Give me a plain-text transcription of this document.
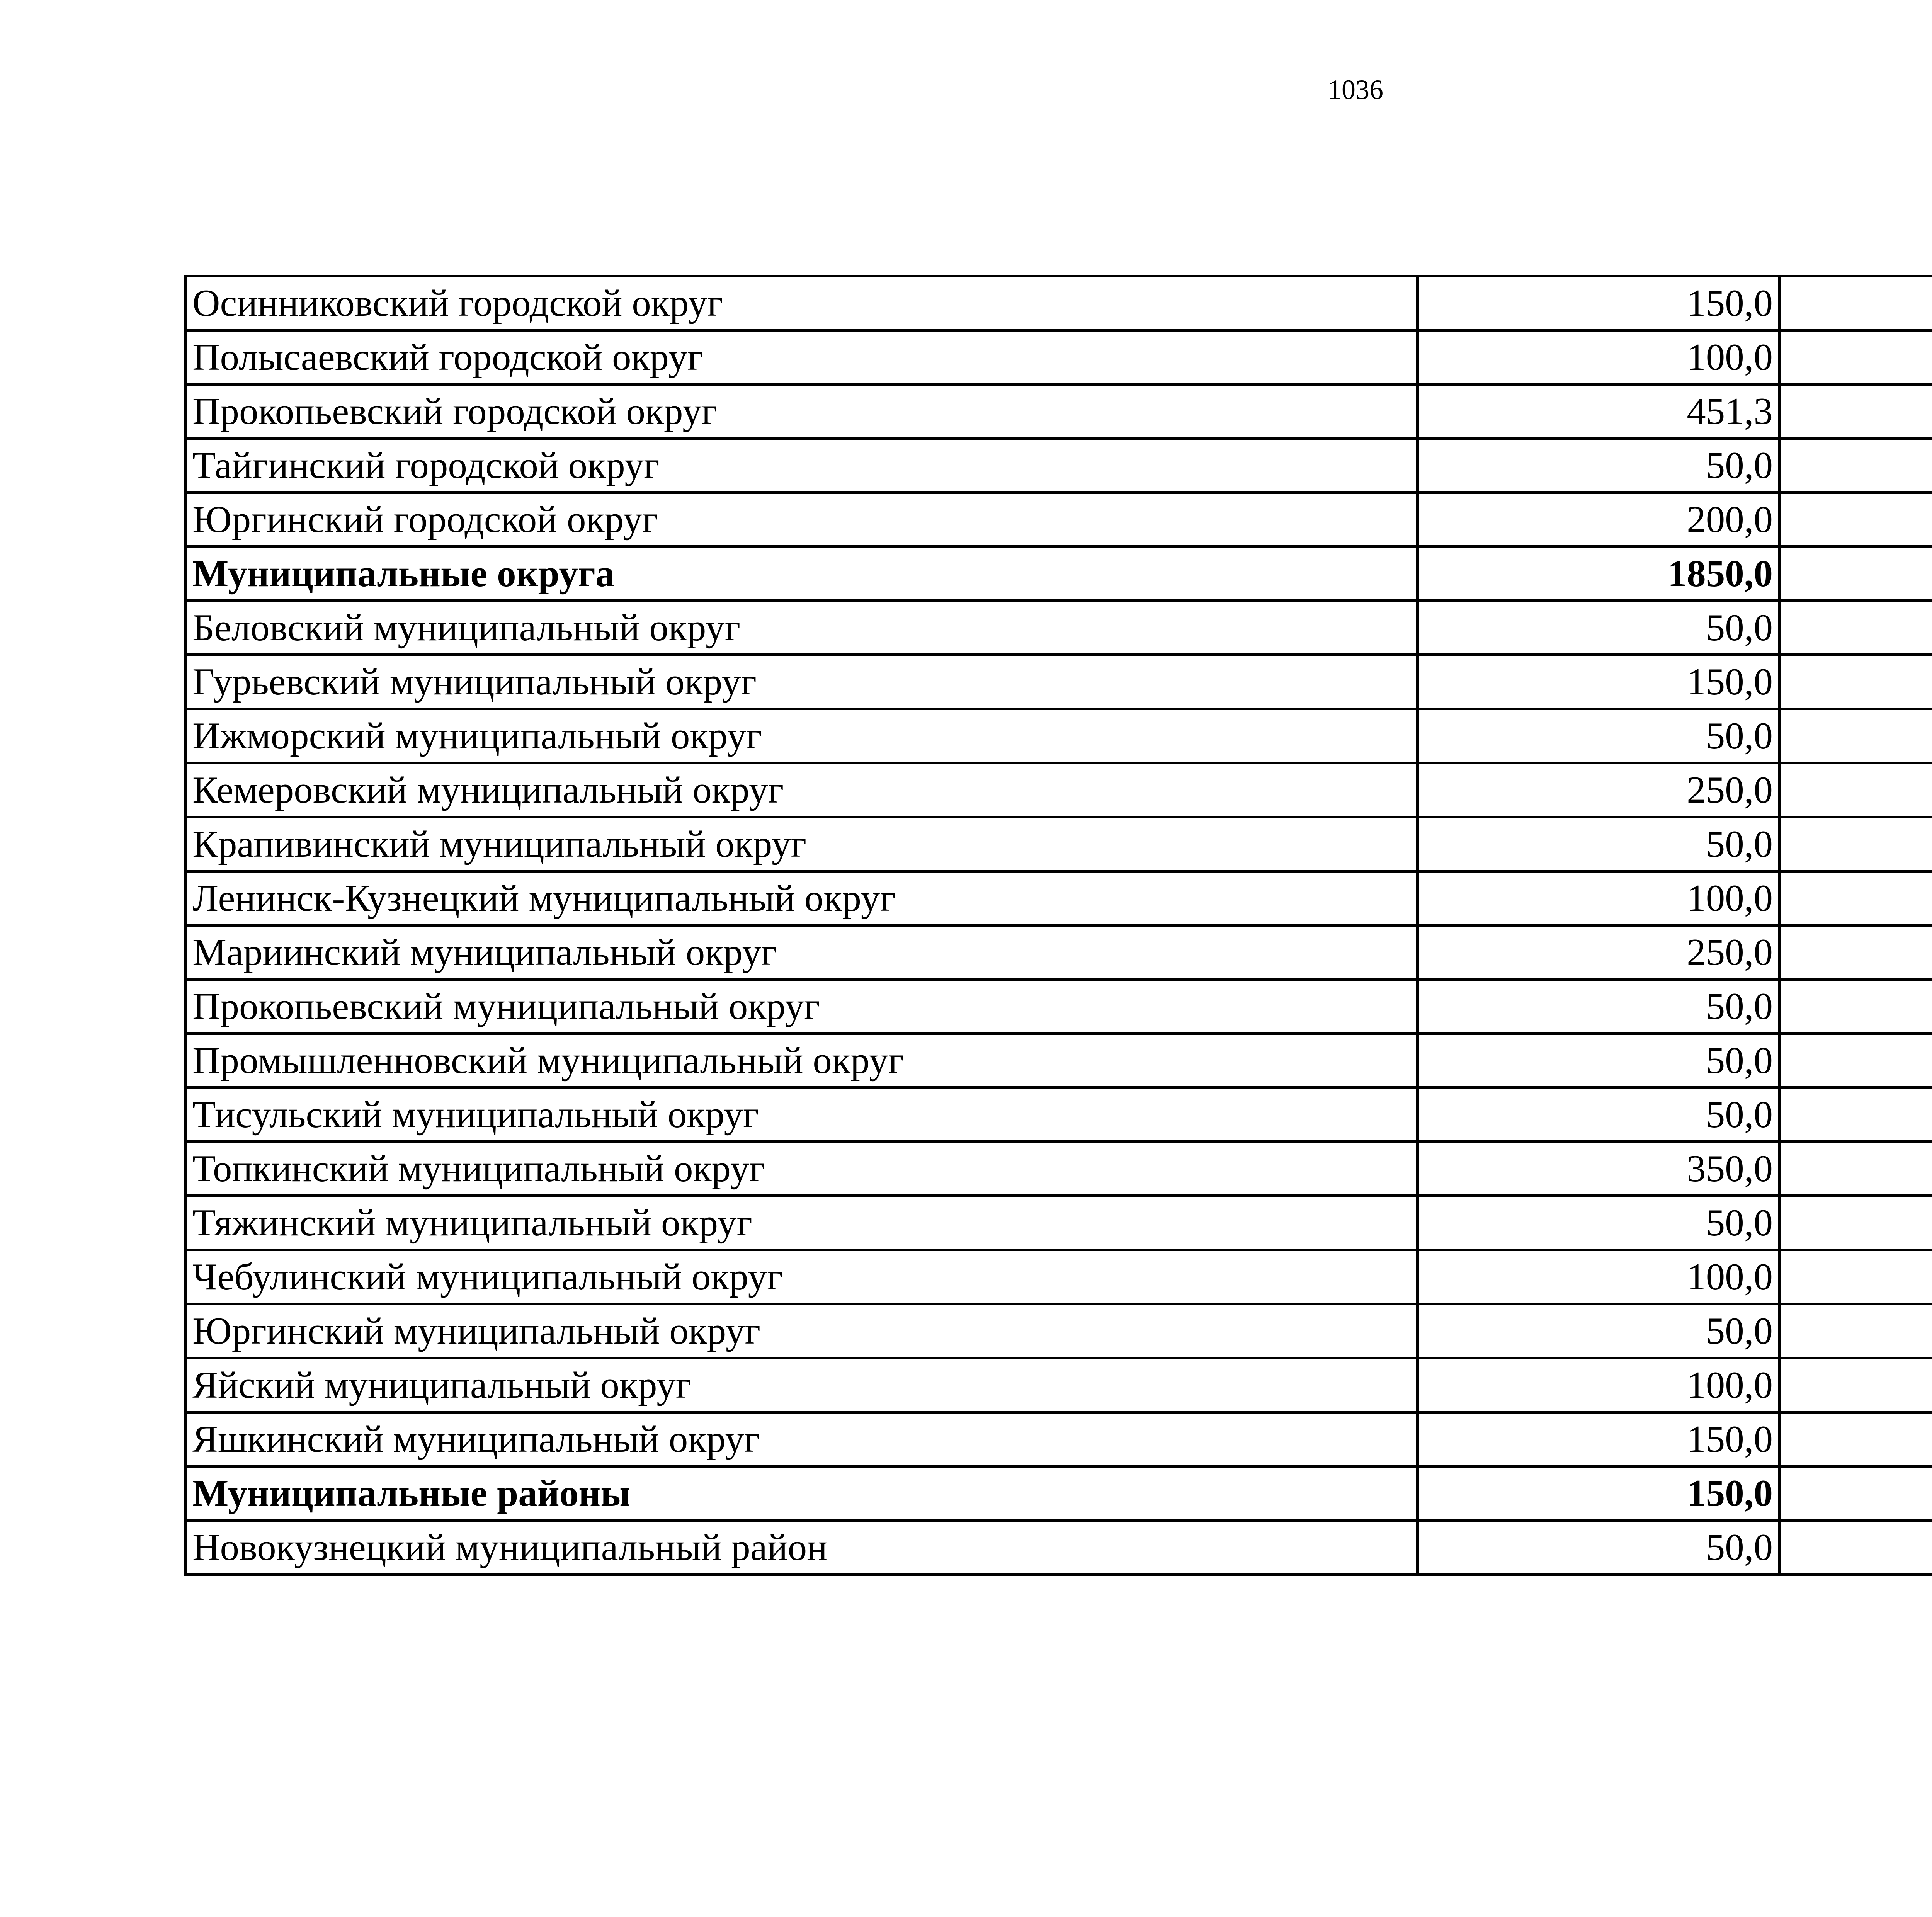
1036
Осинниковский городской округ	150,0		
Полысаевский городской округ	100,0		
Прокопьевский городской округ	451,3		
Тайгинский городской округ	50,0		
Юргинский городской округ	200,0		
Муниципальные округа	1850,0		
Беловский муниципальный округ	50,0		
Гурьевский муниципальный округ	150,0		
Ижморский муниципальный округ	50,0		
Кемеровский муниципальный округ	250,0		
Крапивинский муниципальный округ	50,0		
Ленинск-Кузнецкий муниципальный округ	100,0		
Мариинский муниципальный округ	250,0		
Прокопьевский муниципальный округ	50,0		
Промышленновский муниципальный округ	50,0		
Тисульский муниципальный округ	50,0		
Топкинский муниципальный округ	350,0		
Тяжинский муниципальный округ	50,0		
Чебулинский муниципальный округ	100,0		
Юргинский муниципальный округ	50,0		
Яйский муниципальный округ	100,0		
Яшкинский муниципальный округ	150,0		
Муниципальные районы	150,0		
Новокузнецкий муниципальный район	50,0		
